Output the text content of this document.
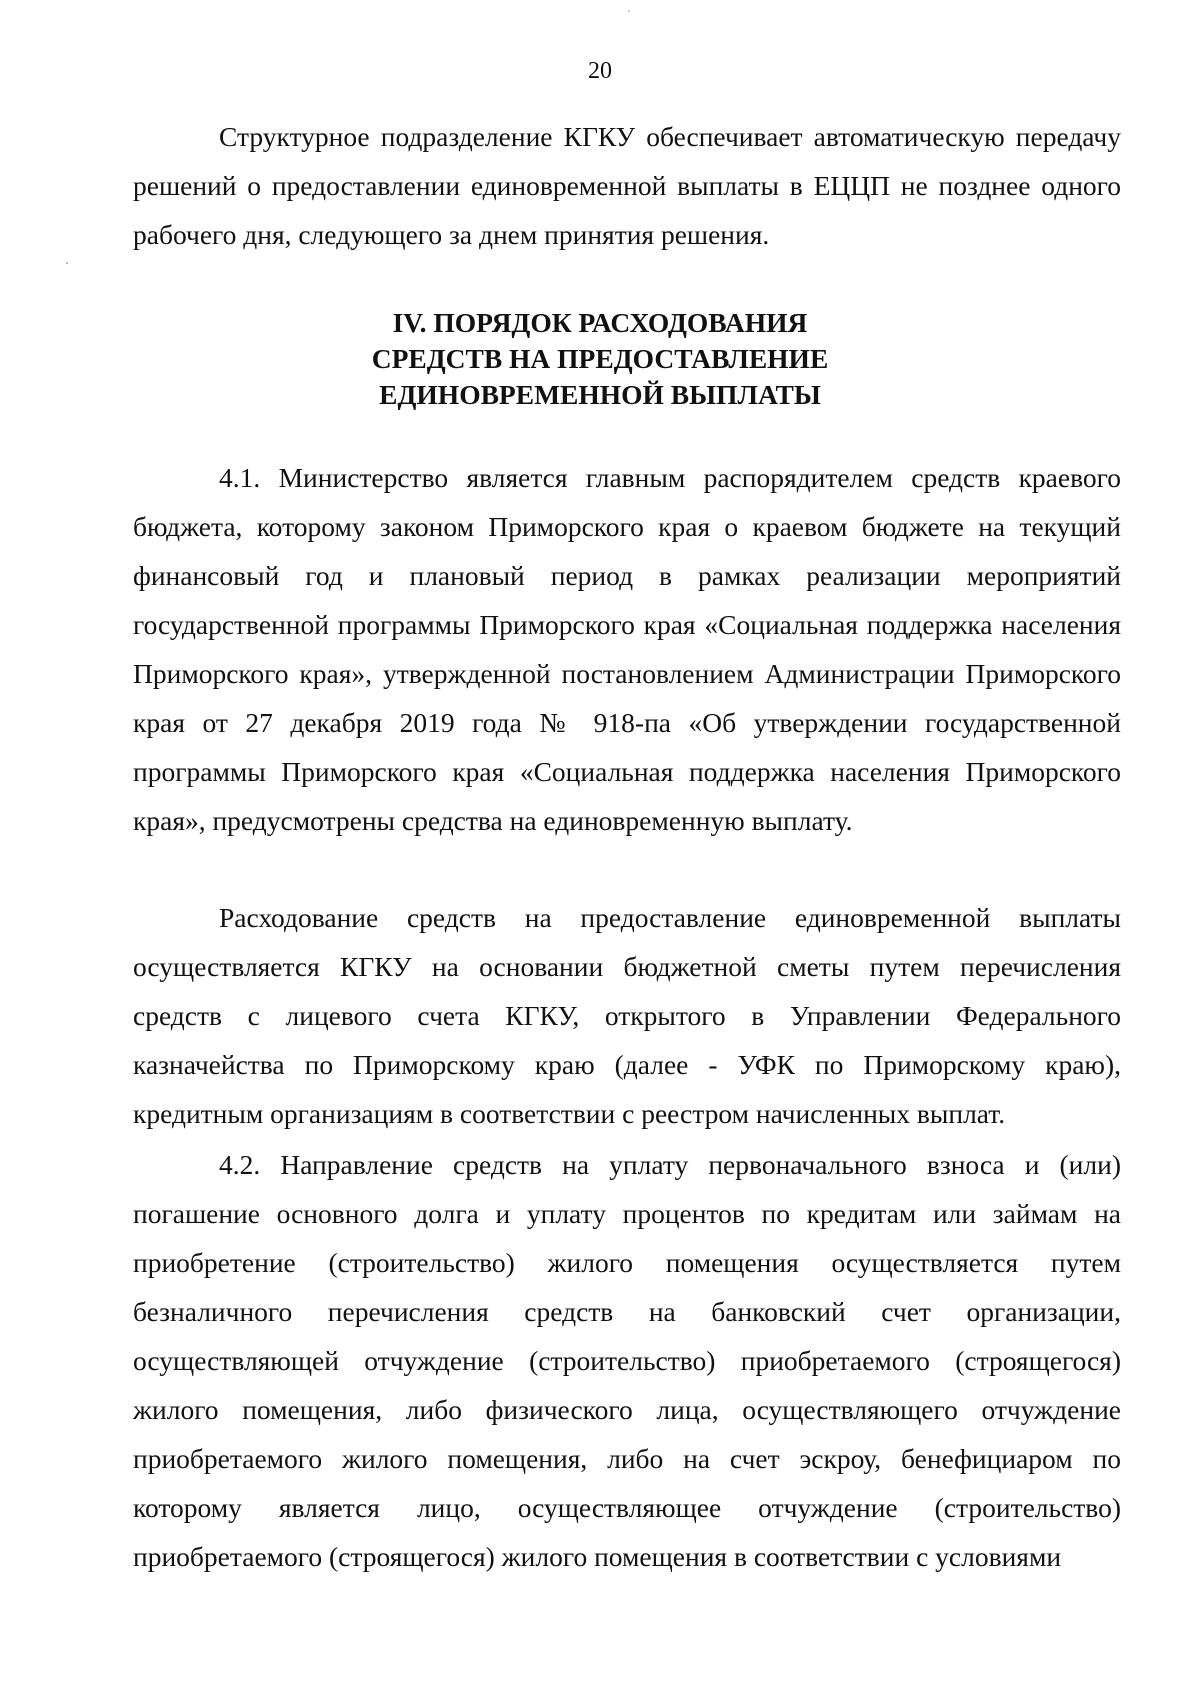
20

Структурное подразделение КГКУ обеспечивает автоматическую передачу решений о предоставлении единовременной выплаты в ЕЦЦП не позднее одного рабочего дня, следующего за днем принятия решения.

IV. ПОРЯДОК РАСХОДОВАНИЯ
СРЕДСТВ НА ПРЕДОСТАВЛЕНИЕ
ЕДИНОВРЕМЕННОЙ ВЫПЛАТЫ

4.1. Министерство является главным распорядителем средств краевого бюджета, которому законом Приморского края о краевом бюджете на текущий финансовый год и плановый период в рамках реализации мероприятий государственной программы Приморского края «Социальная поддержка населения Приморского края», утвержденной постановлением Администрации Приморского края от 27 декабря 2019 года № 918-па «Об утверждении государственной программы Приморского края «Социальная поддержка населения Приморского края», предусмотрены средства на единовременную выплату.

Расходование средств на предоставление единовременной выплаты осуществляется КГКУ на основании бюджетной сметы путем перечисления средств с лицевого счета КГКУ, открытого в Управлении Федерального казначейства по Приморскому краю (далее - УФК по Приморскому краю), кредитным организациям в соответствии с реестром начисленных выплат.

4.2. Направление средств на уплату первоначального взноса и (или) погашение основного долга и уплату процентов по кредитам или займам на приобретение (строительство) жилого помещения осуществляется путем безналичного перечисления средств на банковский счет организации, осуществляющей отчуждение (строительство) приобретаемого (строящегося) жилого помещения, либо физического лица, осуществляющего отчуждение приобретаемого жилого помещения, либо на счет эскроу, бенефициаром по которому является лицо, осуществляющее отчуждение (строительство) приобретаемого (строящегося) жилого помещения в соответствии с условиями
